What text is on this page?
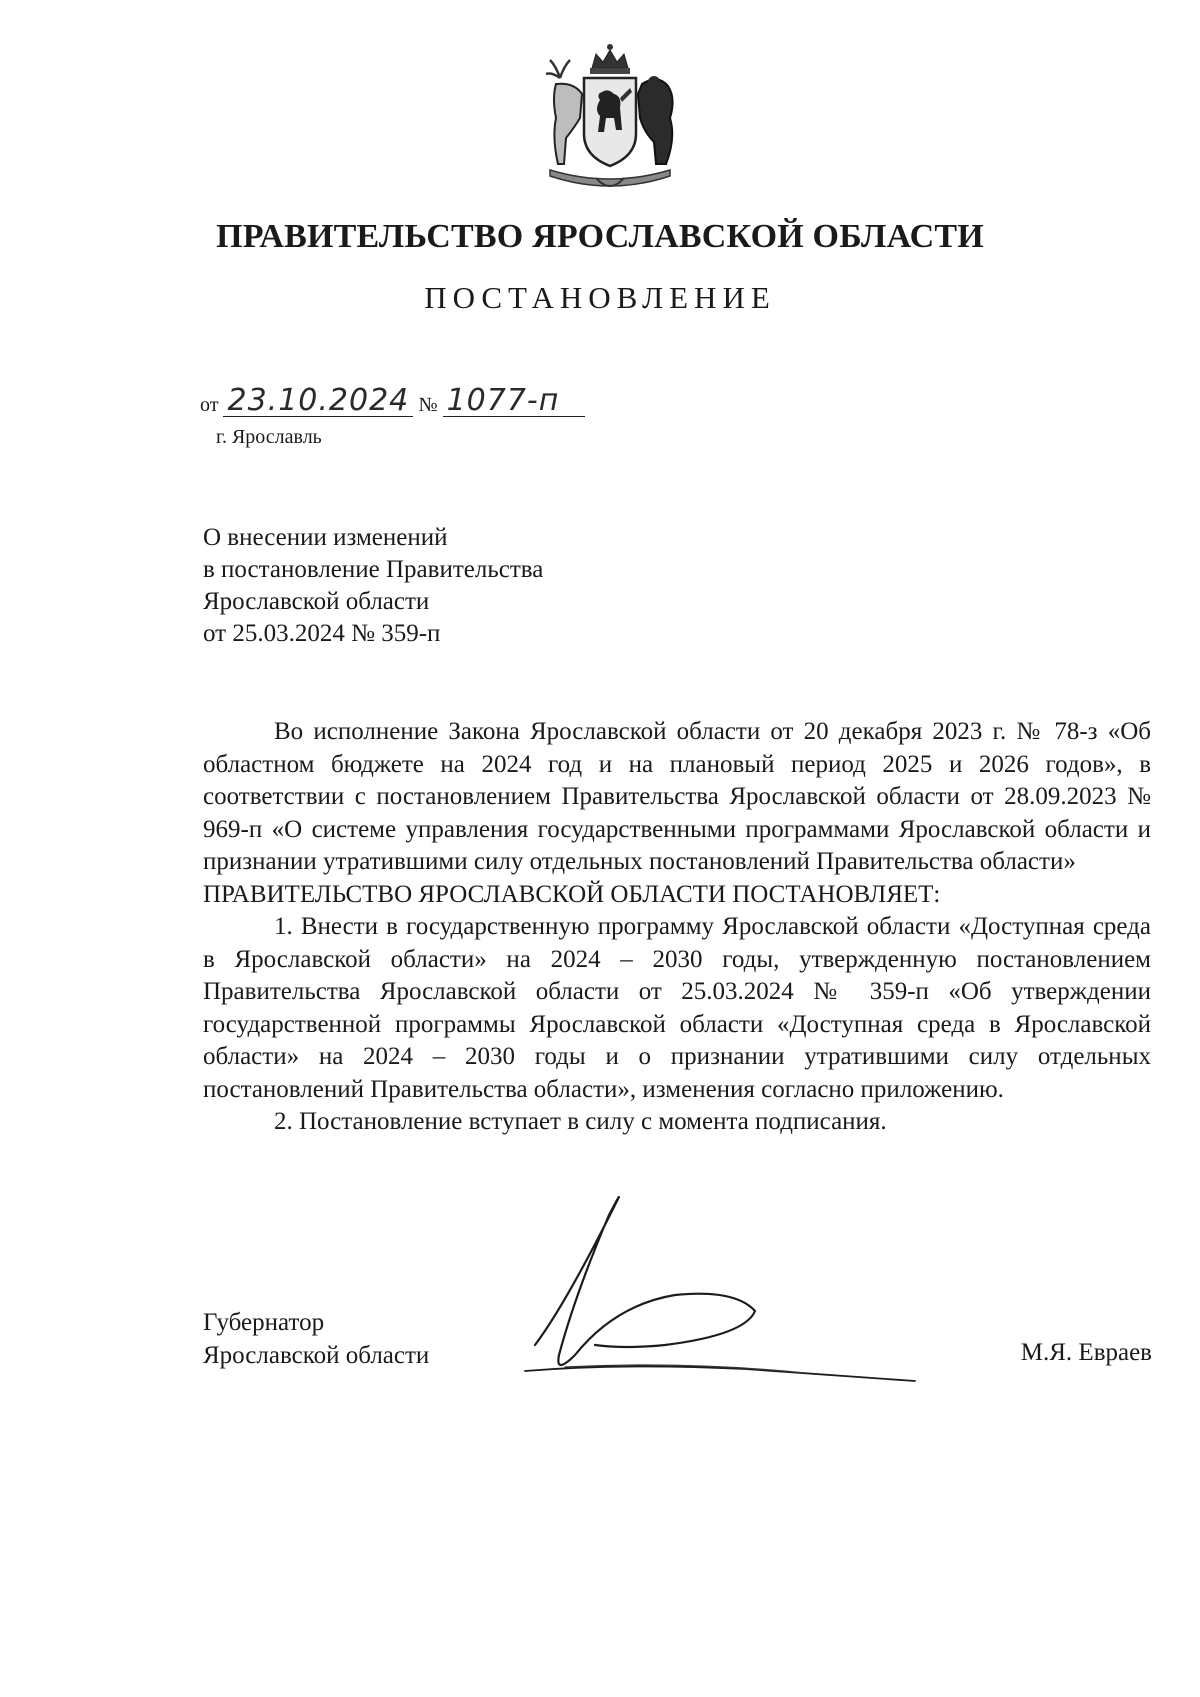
ПРАВИТЕЛЬСТВО ЯРОСЛАВСКОЙ ОБЛАСТИ
ПОСТАНОВЛЕНИЕ
от 23.10.2024 № 1077-п
г. Ярославль
О внесении изменений
в постановление Правительства
Ярославской области
от 25.03.2024 № 359-п

Во исполнение Закона Ярославской области от 20 декабря 2023 г. № 78-з «Об областном бюджете на 2024 год и на плановый период 2025 и 2026 годов», в соответствии с постановлением Правительства Ярославской области от 28.09.2023 № 969-п «О системе управления государственными программами Ярославской области и признании утратившими силу отдельных постановлений Правительства области»

ПРАВИТЕЛЬСТВО ЯРОСЛАВСКОЙ ОБЛАСТИ ПОСТАНОВЛЯЕТ:

1. Внести в государственную программу Ярославской области «Доступная среда в Ярославской области» на 2024 – 2030 годы, утвержденную постановлением Правительства Ярославской области от 25.03.2024 № 359-п «Об утверждении государственной программы Ярославской области «Доступная среда в Ярославской области» на 2024 – 2030 годы и о признании утратившими силу отдельных постановлений Правительства области», изменения согласно приложению.

2. Постановление вступает в силу с момента подписания.

Губернатор
Ярославской области	М.Я. Евраев
